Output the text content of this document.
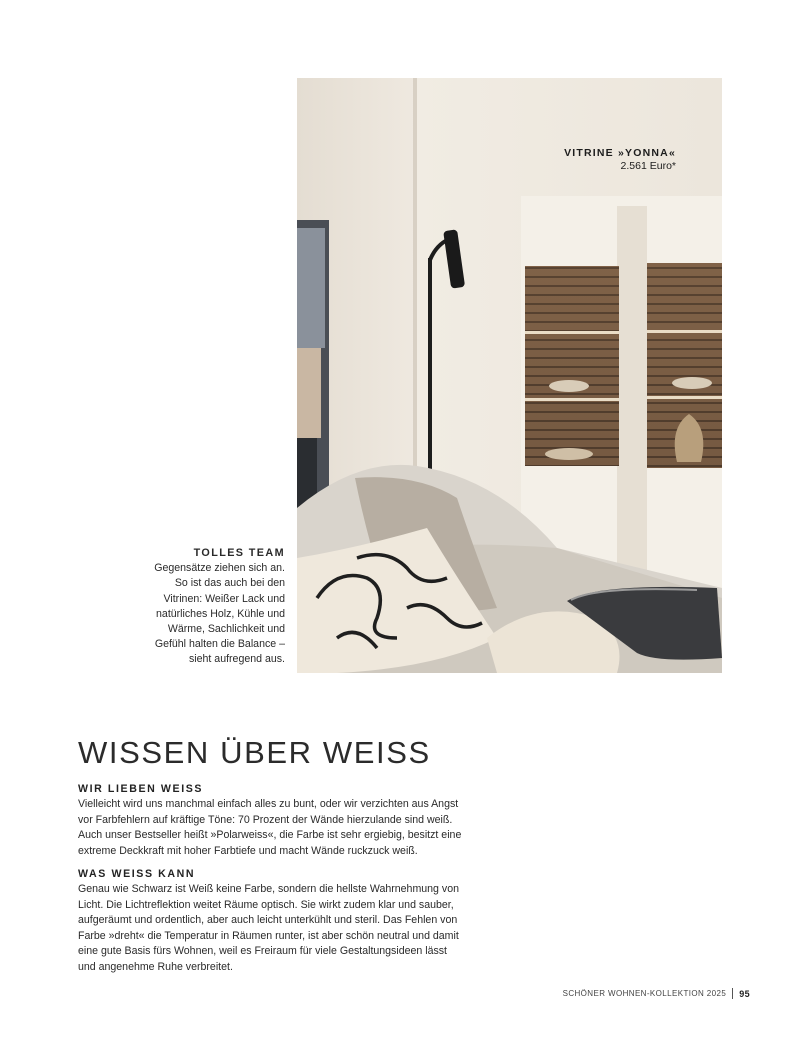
VITRINE »YONNA«
2.561 Euro*
TOLLES TEAM
Gegensätze ziehen sich an.
So ist das auch bei den
Vitrinen: Weißer Lack und
natürliches Holz, Kühle und
Wärme, Sachlichkeit und
Gefühl halten die Balance –
sieht aufregend aus.
WISSEN ÜBER WEISS
WIR LIEBEN WEISS

Vielleicht wird uns manchmal einfach alles zu bunt, oder wir verzichten aus Angst

vor Farbfehlern auf kräftige Töne: 70 Prozent der Wände hierzulande sind weiß.

Auch unser Bestseller heißt »Polarweiss«, die Farbe ist sehr ergiebig, besitzt eine

extreme Deckkraft mit hoher Farbtiefe und macht Wände ruckzuck weiß.

WAS WEISS KANN

Genau wie Schwarz ist Weiß keine Farbe, sondern die hellste Wahrnehmung von

Licht. Die Lichtreflektion weitet Räume optisch. Sie wirkt zudem klar und sauber,

aufgeräumt und ordentlich, aber auch leicht unterkühlt und steril. Das Fehlen von

Farbe »dreht« die Temperatur in Räumen runter, ist aber schön neutral und damit

eine gute Basis fürs Wohnen, weil es Freiraum für viele Gestaltungsideen lässt

und angenehme Ruhe verbreitet.

SCHÖNER WOHNEN-KOLLEKTION 2025 95
